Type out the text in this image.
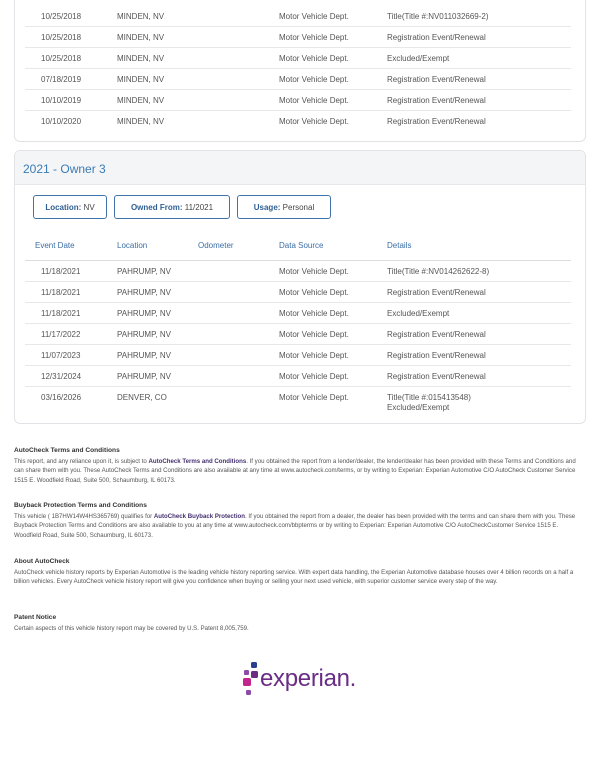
10/25/2018	MINDEN, NV	Motor Vehicle Dept.	Title(Title #:NV011032669-2)
10/25/2018	MINDEN, NV	Motor Vehicle Dept.	Registration Event/Renewal
10/25/2018	MINDEN, NV	Motor Vehicle Dept.	Excluded/Exempt
07/18/2019	MINDEN, NV	Motor Vehicle Dept.	Registration Event/Renewal
10/10/2019	MINDEN, NV	Motor Vehicle Dept.	Registration Event/Renewal
10/10/2020	MINDEN, NV	Motor Vehicle Dept.	Registration Event/Renewal
2021 - Owner 3
Location: NV	Owned From: 11/2021	Usage: Personal
Event Date	Location	Odometer	Data Source	Details
11/18/2021	PAHRUMP, NV	Motor Vehicle Dept.	Title(Title #:NV014262622-8)
11/18/2021	PAHRUMP, NV	Motor Vehicle Dept.	Registration Event/Renewal
11/18/2021	PAHRUMP, NV	Motor Vehicle Dept.	Excluded/Exempt
11/17/2022	PAHRUMP, NV	Motor Vehicle Dept.	Registration Event/Renewal
11/07/2023	PAHRUMP, NV	Motor Vehicle Dept.	Registration Event/Renewal
12/31/2024	PAHRUMP, NV	Motor Vehicle Dept.	Registration Event/Renewal
03/16/2026	DENVER, CO	Motor Vehicle Dept.	Title(Title #:015413548)
Excluded/Exempt
AutoCheck Terms and Conditions

This report, and any reliance upon it, is subject to AutoCheck Terms and Conditions. If you obtained the report from a lender/dealer, the lender/dealer has been provided with these Terms and Conditions and can share them with you. These AutoCheck Terms and Conditions are also available at any time at www.autocheck.com/terms, or by writing to Experian: Experian Automotive C/O AutoCheck Customer Service 1515 E. Woodfield Road, Suite 500, Schaumburg, IL 60173.

Buyback Protection Terms and Conditions

This vehicle ( 1B7HW14W4HS365769) qualifies for AutoCheck Buyback Protection. If you obtained the report from a dealer, the dealer has been provided with the terms and can share them with you. These Buyback Protection Terms and Conditions are also available to you at any time at www.autocheck.com/bbpterms or by writing to Experian: Experian Automotive C/O AutoCheckCustomer Service 1515 E. Woodfield Road, Suite 500, Schaumburg, IL 60173.

About AutoCheck

AutoCheck vehicle history reports by Experian Automotive is the leading vehicle history reporting service. With expert data handling, the Experian Automotive database houses over 4 billion records on a half a billion vehicles. Every AutoCheck vehicle history report will give you confidence when buying or selling your next used vehicle, with superior customer service every step of the way.

Patent Notice

Certain aspects of this vehicle history report may be covered by U.S. Patent 8,005,759.

experian.
